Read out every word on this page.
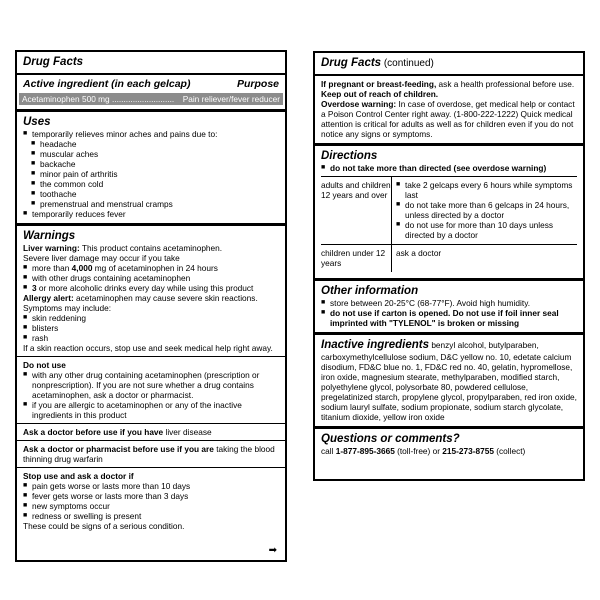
Drug Facts
Active ingredient (in each gelcap)	Purpose
Acetaminophen 500 mg ........................... Pain reliever/fever reducer
Uses
■ temporarily relieves minor aches and pains due to:
■ headache
■ muscular aches
■ backache
■ minor pain of arthritis
■ the common cold
■ toothache
■ premenstrual and menstrual cramps
■ temporarily reduces fever
Warnings
Liver warning: This product contains acetaminophen.
Severe liver damage may occur if you take
■ more than 4,000 mg of acetaminophen in 24 hours
■ with other drugs containing acetaminophen
■ 3 or more alcoholic drinks every day while using this product
Allergy alert: acetaminophen may cause severe skin reactions.
Symptoms may include:
■ skin reddening
■ blisters
■ rash
If a skin reaction occurs, stop use and seek medical help right away.
Do not use
■ with any other drug containing acetaminophen (prescription or nonprescription). If you are not sure whether a drug contains acetaminophen, ask a doctor or pharmacist.
■ if you are allergic to acetaminophen or any of the inactive ingredients in this product
Ask a doctor before use if you have liver disease
Ask a doctor or pharmacist before use if you are taking the blood thinning drug warfarin
Stop use and ask a doctor if
■ pain gets worse or lasts more than 10 days
■ fever gets worse or lasts more than 3 days
■ new symptoms occur
■ redness or swelling is present
These could be signs of a serious condition.
➡
Drug Facts (continued)
If pregnant or breast-feeding, ask a health professional before use.
Keep out of reach of children.
Overdose warning: In case of overdose, get medical help or contact a Poison Control Center right away. (1-800-222-1222) Quick medical attention is critical for adults as well as for children even if you do not notice any signs or symptoms.
Directions
■ do not take more than directed (see overdose warning)
adults and children 12 years and over
■ take 2 gelcaps every 6 hours while symptoms last
■ do not take more than 6 gelcaps in 24 hours, unless directed by a doctor
■ do not use for more than 10 days unless directed by a doctor
children under 12 years
ask a doctor
Other information
■ store between 20-25°C (68-77°F). Avoid high humidity.
■ do not use if carton is opened. Do not use if foil inner seal imprinted with "TYLENOL" is broken or missing
Inactive ingredients benzyl alcohol, butylparaben, carboxymethylcellulose sodium, D&C yellow no. 10, edetate calcium disodium, FD&C blue no. 1, FD&C red no. 40, gelatin, hypromellose, iron oxide, magnesium stearate, methylparaben, modified starch, polyethylene glycol, polysorbate 80, powdered cellulose, pregelatinized starch, propylene glycol, propylparaben, red iron oxide, sodium lauryl sulfate, sodium propionate, sodium starch glycolate, titanium dioxide, yellow iron oxide
Questions or comments?
call 1-877-895-3665 (toll-free) or 215-273-8755 (collect)
